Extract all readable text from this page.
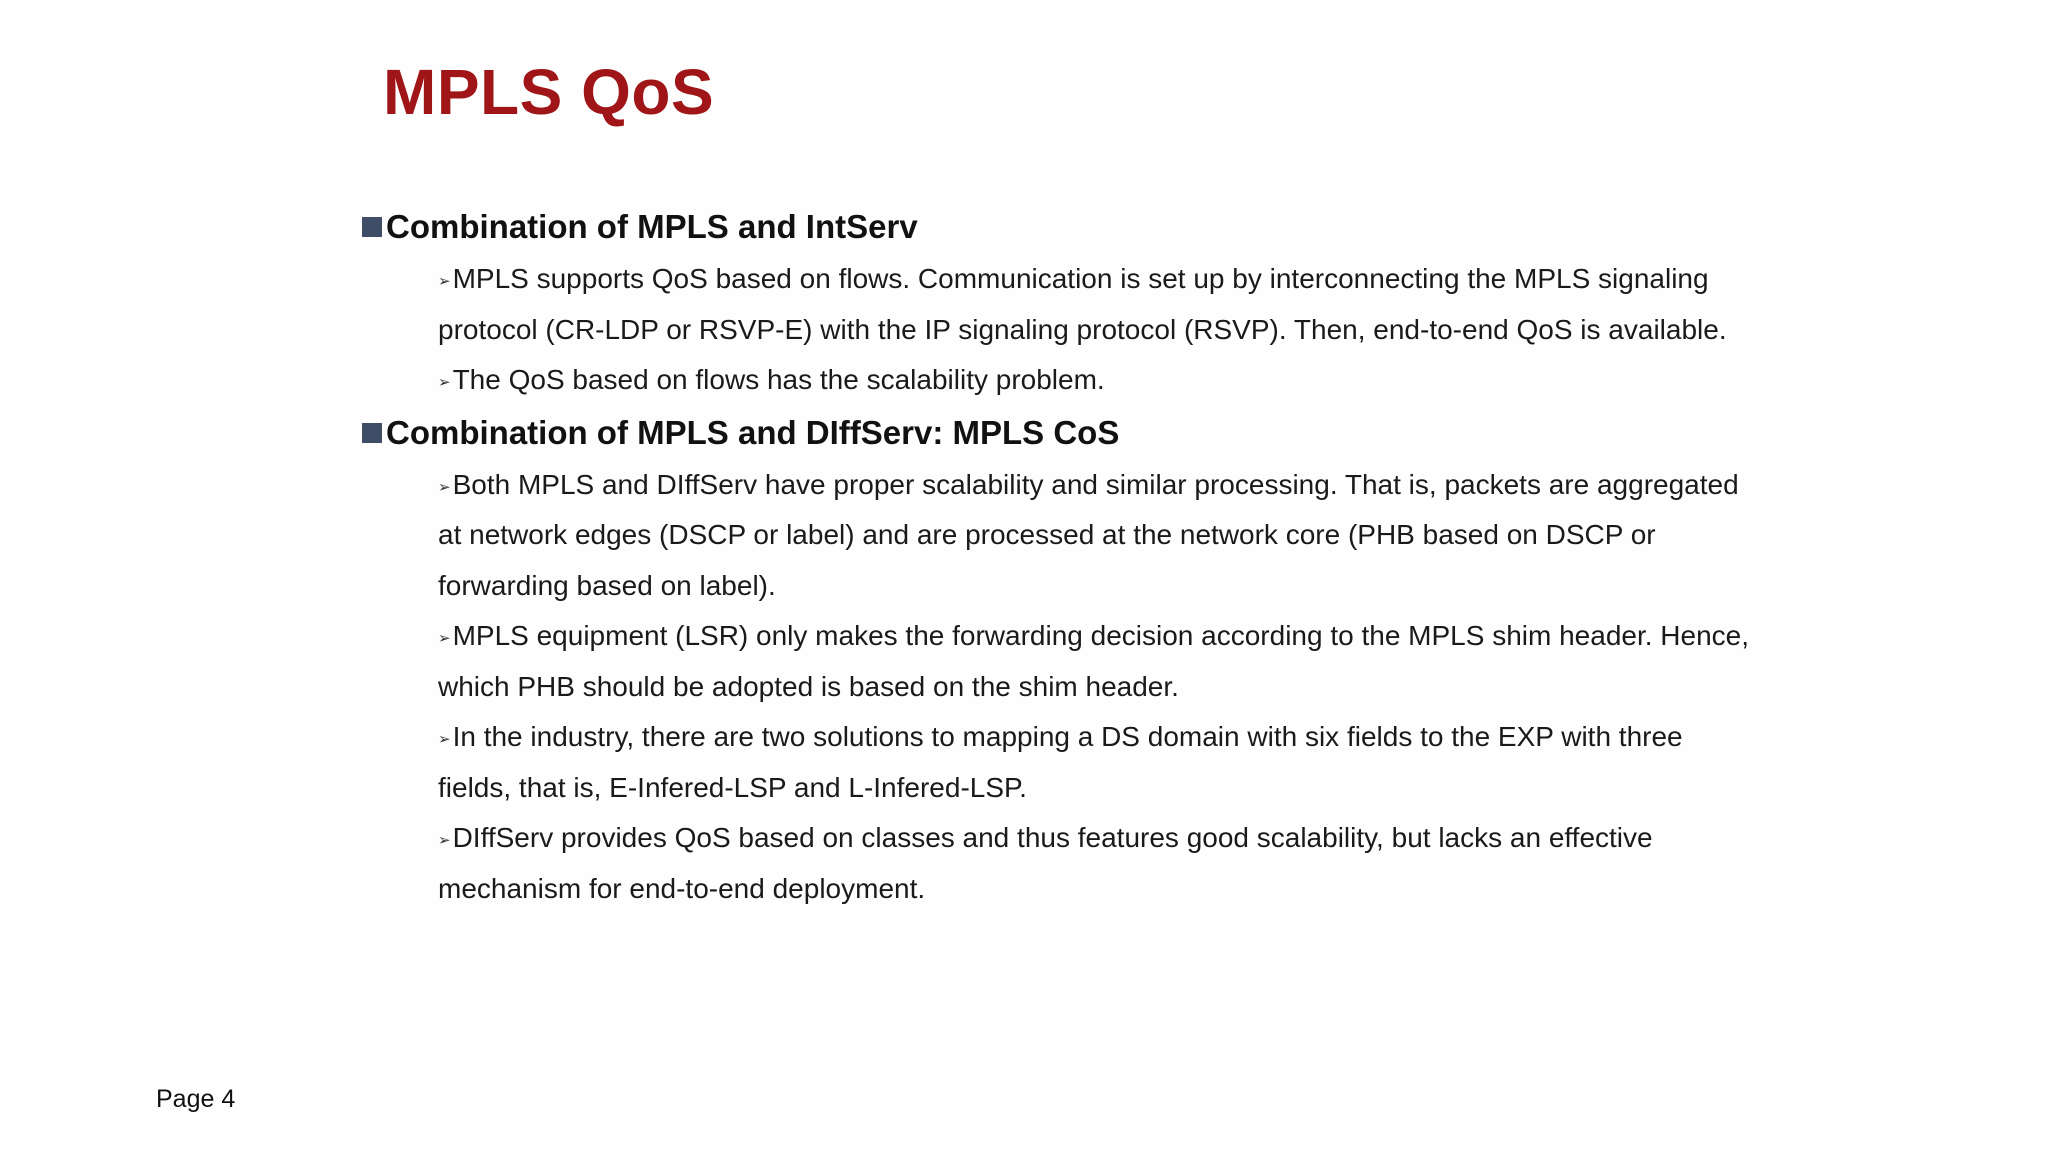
MPLS QoS
Combination of MPLS and IntServ

➢MPLS supports QoS based on flows. Communication is set up by interconnecting the MPLS signaling protocol (CR-LDP or RSVP-E) with the IP signaling protocol (RSVP). Then, end-to-end QoS is available.

➢The QoS based on flows has the scalability problem.

Combination of MPLS and DIffServ: MPLS CoS

➢Both MPLS and DIffServ have proper scalability and similar processing. That is, packets are aggregated at network edges (DSCP or label) and are processed at the network core (PHB based on DSCP or forwarding based on label).

➢MPLS equipment (LSR) only makes the forwarding decision according to the MPLS shim header. Hence, which PHB should be adopted is based on the shim header.

➢In the industry, there are two solutions to mapping a DS domain with six fields to the EXP with three fields, that is, E-Infered-LSP and L-Infered-LSP.

➢DIffServ provides QoS based on classes and thus features good scalability, but lacks an effective mechanism for end-to-end deployment.

Page 4
